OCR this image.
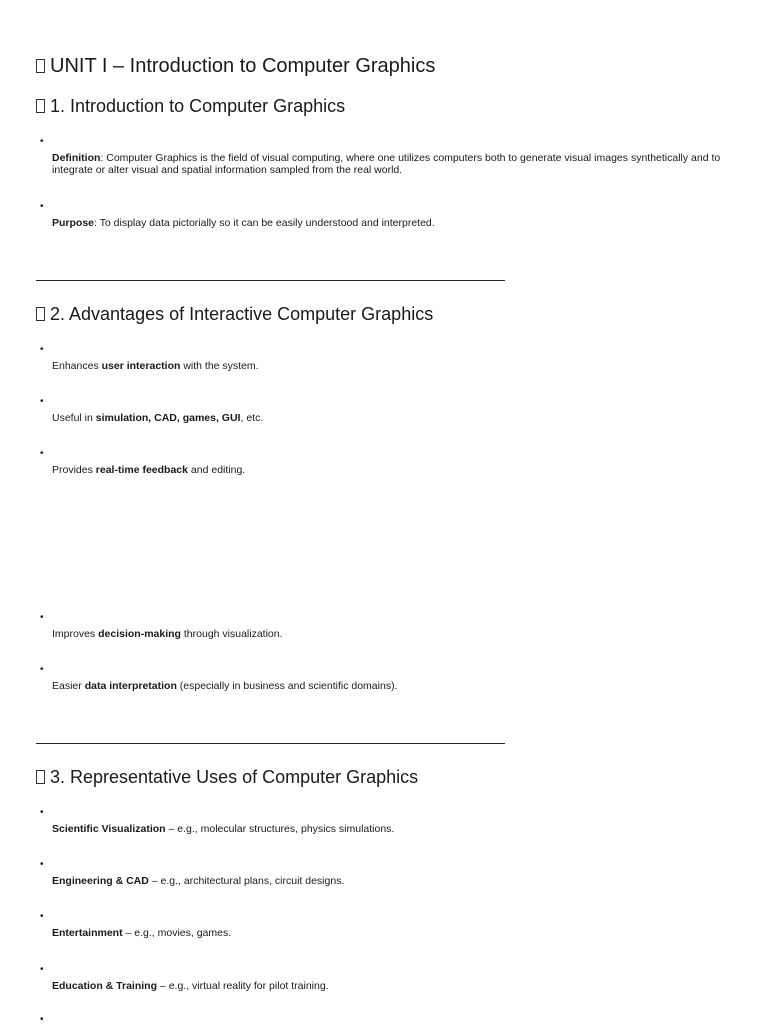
UNIT I – Introduction to Computer Graphics
1. Introduction to Computer Graphics
•
Definition: Computer Graphics is the field of visual computing, where one utilizes computers both to generate visual images synthetically and to integrate or alter visual and spatial information sampled from the real world.
•
Purpose: To display data pictorially so it can be easily understood and interpreted.
2. Advantages of Interactive Computer Graphics
•
Enhances user interaction with the system.
•
Useful in simulation, CAD, games, GUI, etc.
•
Provides real-time feedback and editing.
•
Improves decision-making through visualization.
•
Easier data interpretation (especially in business and scientific domains).
3. Representative Uses of Computer Graphics
•
Scientific Visualization – e.g., molecular structures, physics simulations.
•
Engineering & CAD – e.g., architectural plans, circuit designs.
•
Entertainment – e.g., movies, games.
•
Education & Training – e.g., virtual reality for pilot training.
•
